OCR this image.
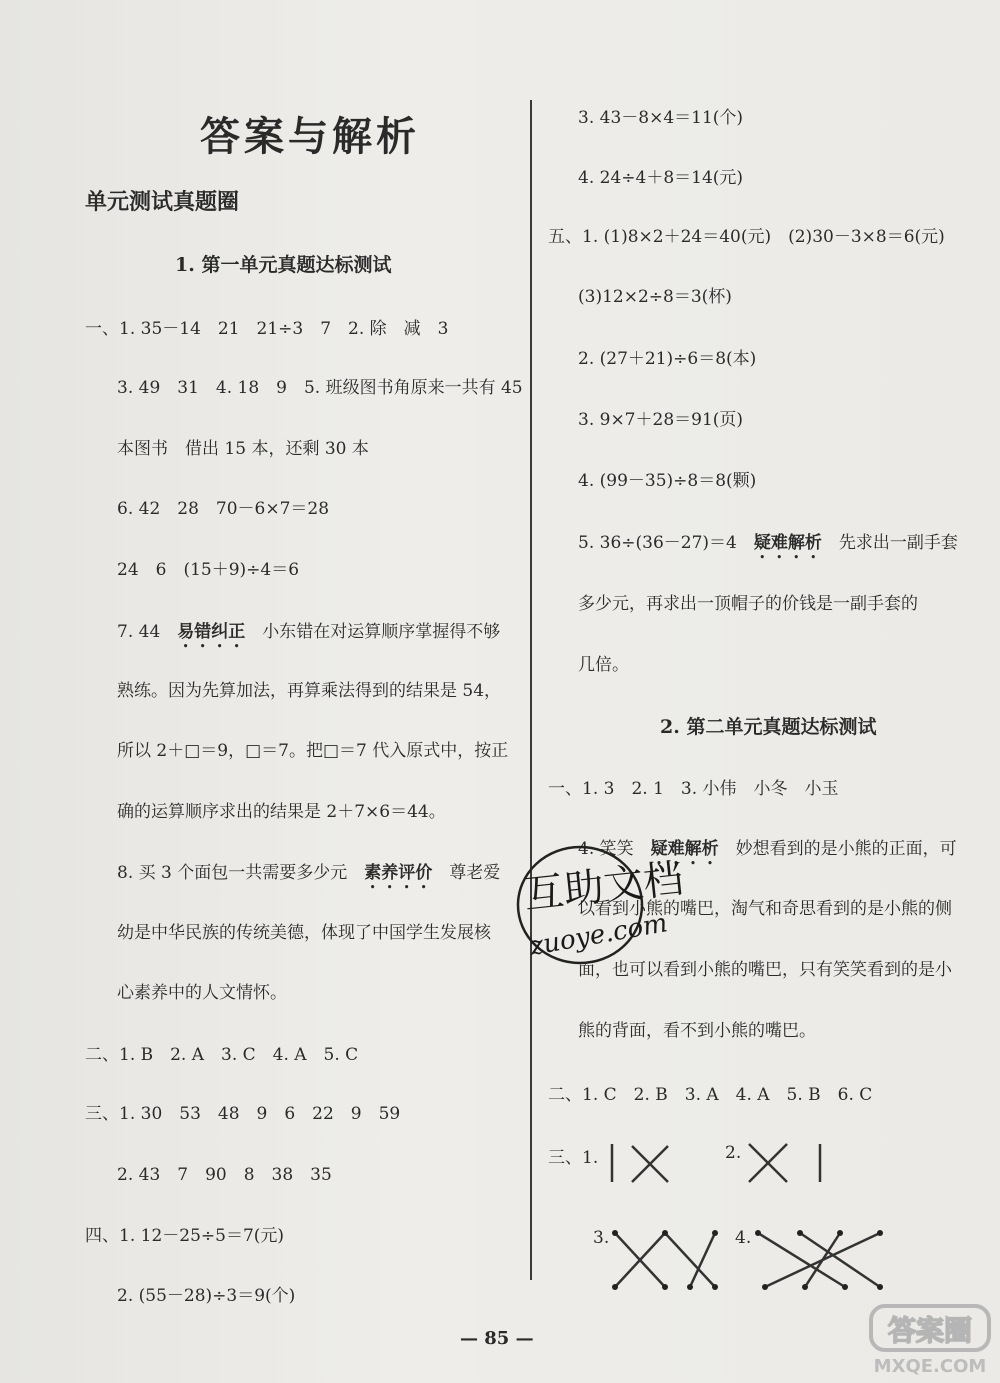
答案与解析
单元测试真题圈
1. 第一单元真题达标测试
一、1. 35－14　21　21÷3　7　2. 除　减　3
3. 49　31　4. 18　9　5. 班级图书角原来一共有 45
本图书　借出 15 本，还剩 30 本
6. 42　28　70－6×7＝28
24　6　(15＋9)÷4＝6
7. 44　 易错纠正　 小东错在对运算顺序掌握得不够
熟练。因为先算加法，再算乘法得到的结果是 54，
所以 2＋□＝9，□＝7。把□＝7 代入原式中，按正
确的运算顺序求出的结果是 2＋7×6＝44。
8. 买 3 个面包一共需要多少元　 素养评价　 尊老爱
幼是中华民族的传统美德，体现了中国学生发展核
心素养中的人文情怀。
二、1. B　2. A　3. C　4. A　5. C
三、1. 30　53　48　9　6　22　9　59
2. 43　7　90　8　38　35
四、1. 12－25÷5＝7(元)
2. (55－28)÷3＝9(个)
3. 43－8×4＝11(个)
4. 24÷4＋8＝14(元)
五、1. (1)8×2＋24＝40(元)　(2)30－3×8＝6(元)
(3)12×2÷8＝3(杯)
2. (27＋21)÷6＝8(本)
3. 9×7＋28＝91(页)
4. (99－35)÷8＝8(颗)
5. 36÷(36－27)＝4　 疑难解析　 先求出一副手套
多少元，再求出一顶帽子的价钱是一副手套的
几倍。
2. 第二单元真题达标测试
一、1. 3　2. 1　3. 小伟　小冬　小玉
4. 笑笑　 疑难解析　 妙想看到的是小熊的正面，可
以看到小熊的嘴巴，淘气和奇思看到的是小熊的侧
面，也可以看到小熊的嘴巴，只有笑笑看到的是小
熊的背面，看不到小熊的嘴巴。
二、1. C　2. B　3. A　4. A　5. B　6. C
三、1.	2.
3.	4.
— 85 —
互助文档
zuoye.com
答案圈
MXQE.COM
